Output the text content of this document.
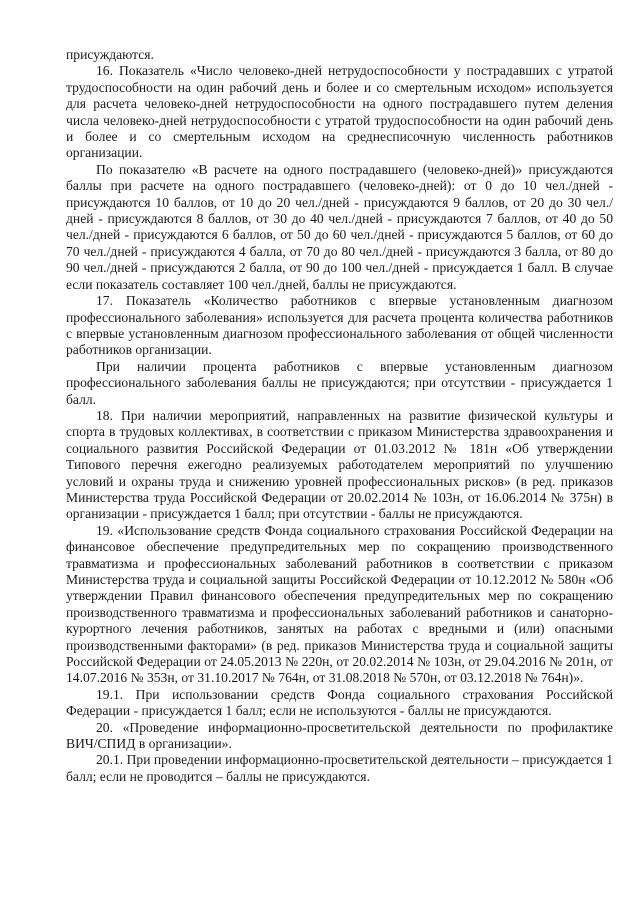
присуждаются.

16. Показатель «Число человеко-дней нетрудоспособности у пострадавших с утратой трудоспособности на один рабочий день и более и со смертельным исходом» используется для расчета человеко-дней нетрудоспособности на одного пострадавшего путем деления числа человеко-дней нетрудоспособности с утратой трудоспособности на один рабочий день и более и со смертельным исходом на среднесписочную численность работников организации.

По показателю «В расчете на одного пострадавшего (человеко-дней)» присуждаются баллы при расчете на одного пострадавшего (человеко-дней): от 0 до 10 чел./дней - присуждаются 10 баллов, от 10 до 20 чел./дней - присуждаются 9 баллов, от 20 до 30 чел./дней - присуждаются 8 баллов, от 30 до 40 чел./дней - присуждаются 7 баллов, от 40 до 50 чел./дней - присуждаются 6 баллов, от 50 до 60 чел./дней - присуждаются 5 баллов, от 60 до 70 чел./дней - присуждаются 4 балла, от 70 до 80 чел./дней - присуждаются 3 балла, от 80 до 90 чел./дней - присуждаются 2 балла, от 90 до 100 чел./дней - присуждается 1 балл. В случае если показатель составляет 100 чел./дней, баллы не присуждаются.

17. Показатель «Количество работников с впервые установленным диагнозом профессионального заболевания» используется для расчета процента количества работников с впервые установленным диагнозом профессионального заболевания от общей численности работников организации.

При наличии процента работников с впервые установленным диагнозом профессионального заболевания баллы не присуждаются; при отсутствии - присуждается 1 балл.

18. При наличии мероприятий, направленных на развитие физической культуры и спорта в трудовых коллективах, в соответствии с приказом Министерства здравоохранения и социального развития Российской Федерации от 01.03.2012 № 181н «Об утверждении Типового перечня ежегодно реализуемых работодателем мероприятий по улучшению условий и охраны труда и снижению уровней профессиональных рисков» (в ред. приказов Министерства труда Российской Федерации от 20.02.2014 № 103н, от 16.06.2014 № 375н) в организации - присуждается 1 балл; при отсутствии - баллы не присуждаются.

19. «Использование средств Фонда социального страхования Российской Федерации на финансовое обеспечение предупредительных мер по сокращению производственного травматизма и профессиональных заболеваний работников в соответствии с приказом Министерства труда и социальной защиты Российской Федерации от 10.12.2012 № 580н «Об утверждении Правил финансового обеспечения предупредительных мер по сокращению производственного травматизма и профессиональных заболеваний работников и санаторно-курортного лечения работников, занятых на работах с вредными и (или) опасными производственными факторами» (в ред. приказов Министерства труда и социальной защиты Российской Федерации от 24.05.2013 № 220н, от 20.02.2014 № 103н, от 29.04.2016 № 201н, от 14.07.2016 № 353н, от 31.10.2017 № 764н, от 31.08.2018 № 570н, от 03.12.2018 № 764н)».

19.1. При использовании средств Фонда социального страхования Российской Федерации - присуждается 1 балл; если не используются - баллы не присуждаются.

20. «Проведение информационно-просветительской деятельности по профилактике ВИЧ/СПИД в организации».

20.1. При проведении информационно-просветительской деятельности – присуждается 1 балл; если не проводится – баллы не присуждаются.
